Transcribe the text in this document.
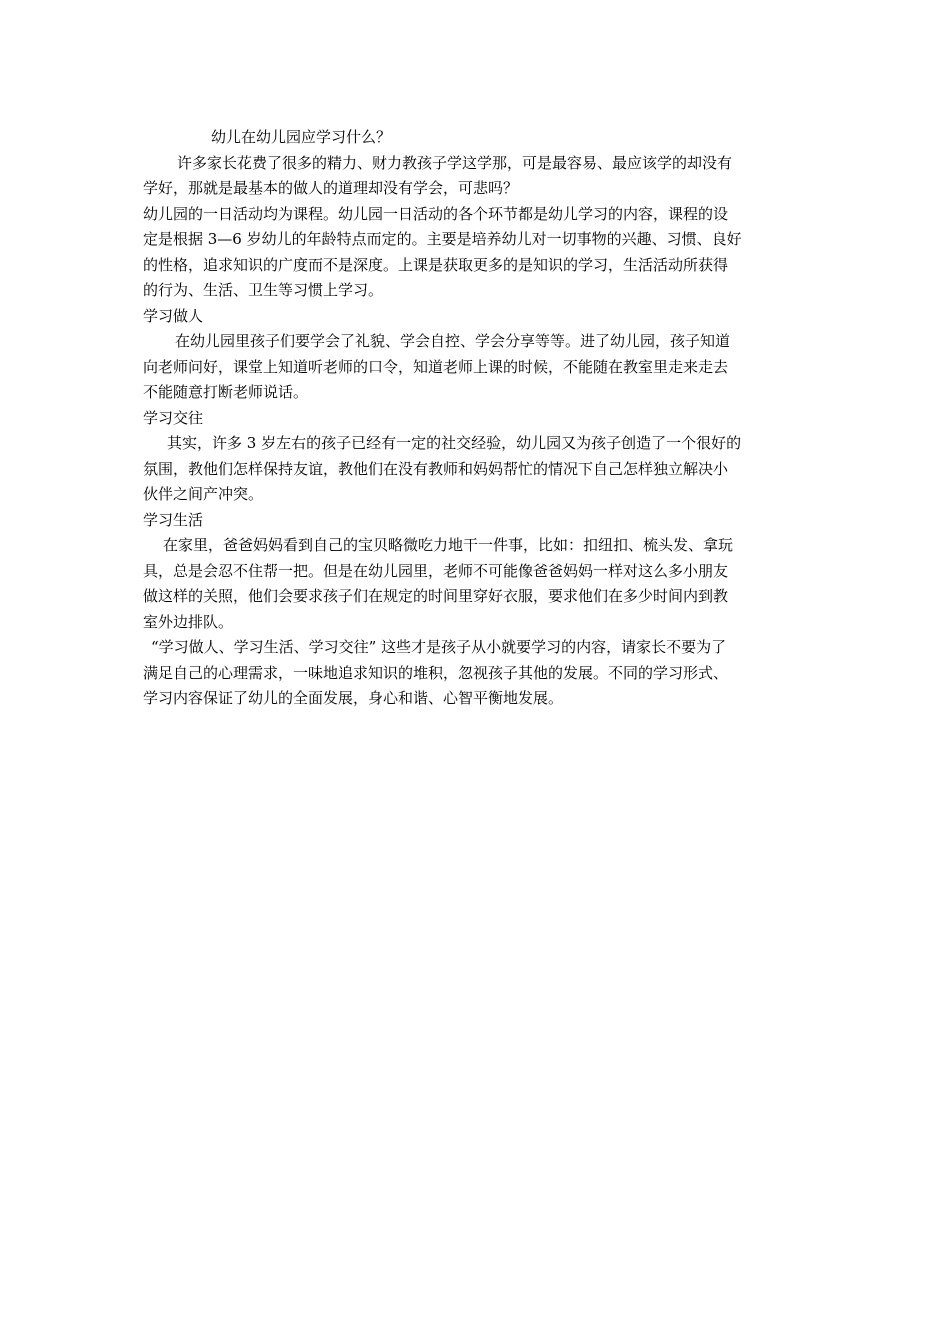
幼儿在幼儿园应学习什么？

许多家长花费了很多的精力、财力教孩子学这学那，可是最容易、最应该学的却没有

学好，那就是最基本的做人的道理却没有学会，可悲吗？

幼儿园的一日活动均为课程。幼儿园一日活动的各个环节都是幼儿学习的内容，课程的设

定是根据 3—6 岁幼儿的年龄特点而定的。主要是培养幼儿对一切事物的兴趣、习惯、良好

的性格，追求知识的广度而不是深度。上课是获取更多的是知识的学习，生活活动所获得

的行为、生活、卫生等习惯上学习。

学习做人

在幼儿园里孩子们要学会了礼貌、学会自控、学会分享等等。进了幼儿园，孩子知道

向老师问好，课堂上知道听老师的口令，知道老师上课的时候，不能随在教室里走来走去

不能随意打断老师说话。

学习交往

其实，许多 3 岁左右的孩子已经有一定的社交经验，幼儿园又为孩子创造了一个很好的

氛围，教他们怎样保持友谊，教他们在没有教师和妈妈帮忙的情况下自己怎样独立解决小

伙伴之间产冲突。

学习生活

在家里，爸爸妈妈看到自己的宝贝略微吃力地干一件事，比如：扣纽扣、梳头发、拿玩

具，总是会忍不住帮一把。但是在幼儿园里，老师不可能像爸爸妈妈一样对这么多小朋友

做这样的关照，他们会要求孩子们在规定的时间里穿好衣服，要求他们在多少时间内到教

室外边排队。

“学习做人、学习生活、学习交往” 这些才是孩子从小就要学习的内容，请家长不要为了

满足自己的心理需求，一味地追求知识的堆积，忽视孩子其他的发展。不同的学习形式、

学习内容保证了幼儿的全面发展，身心和谐、心智平衡地发展。
